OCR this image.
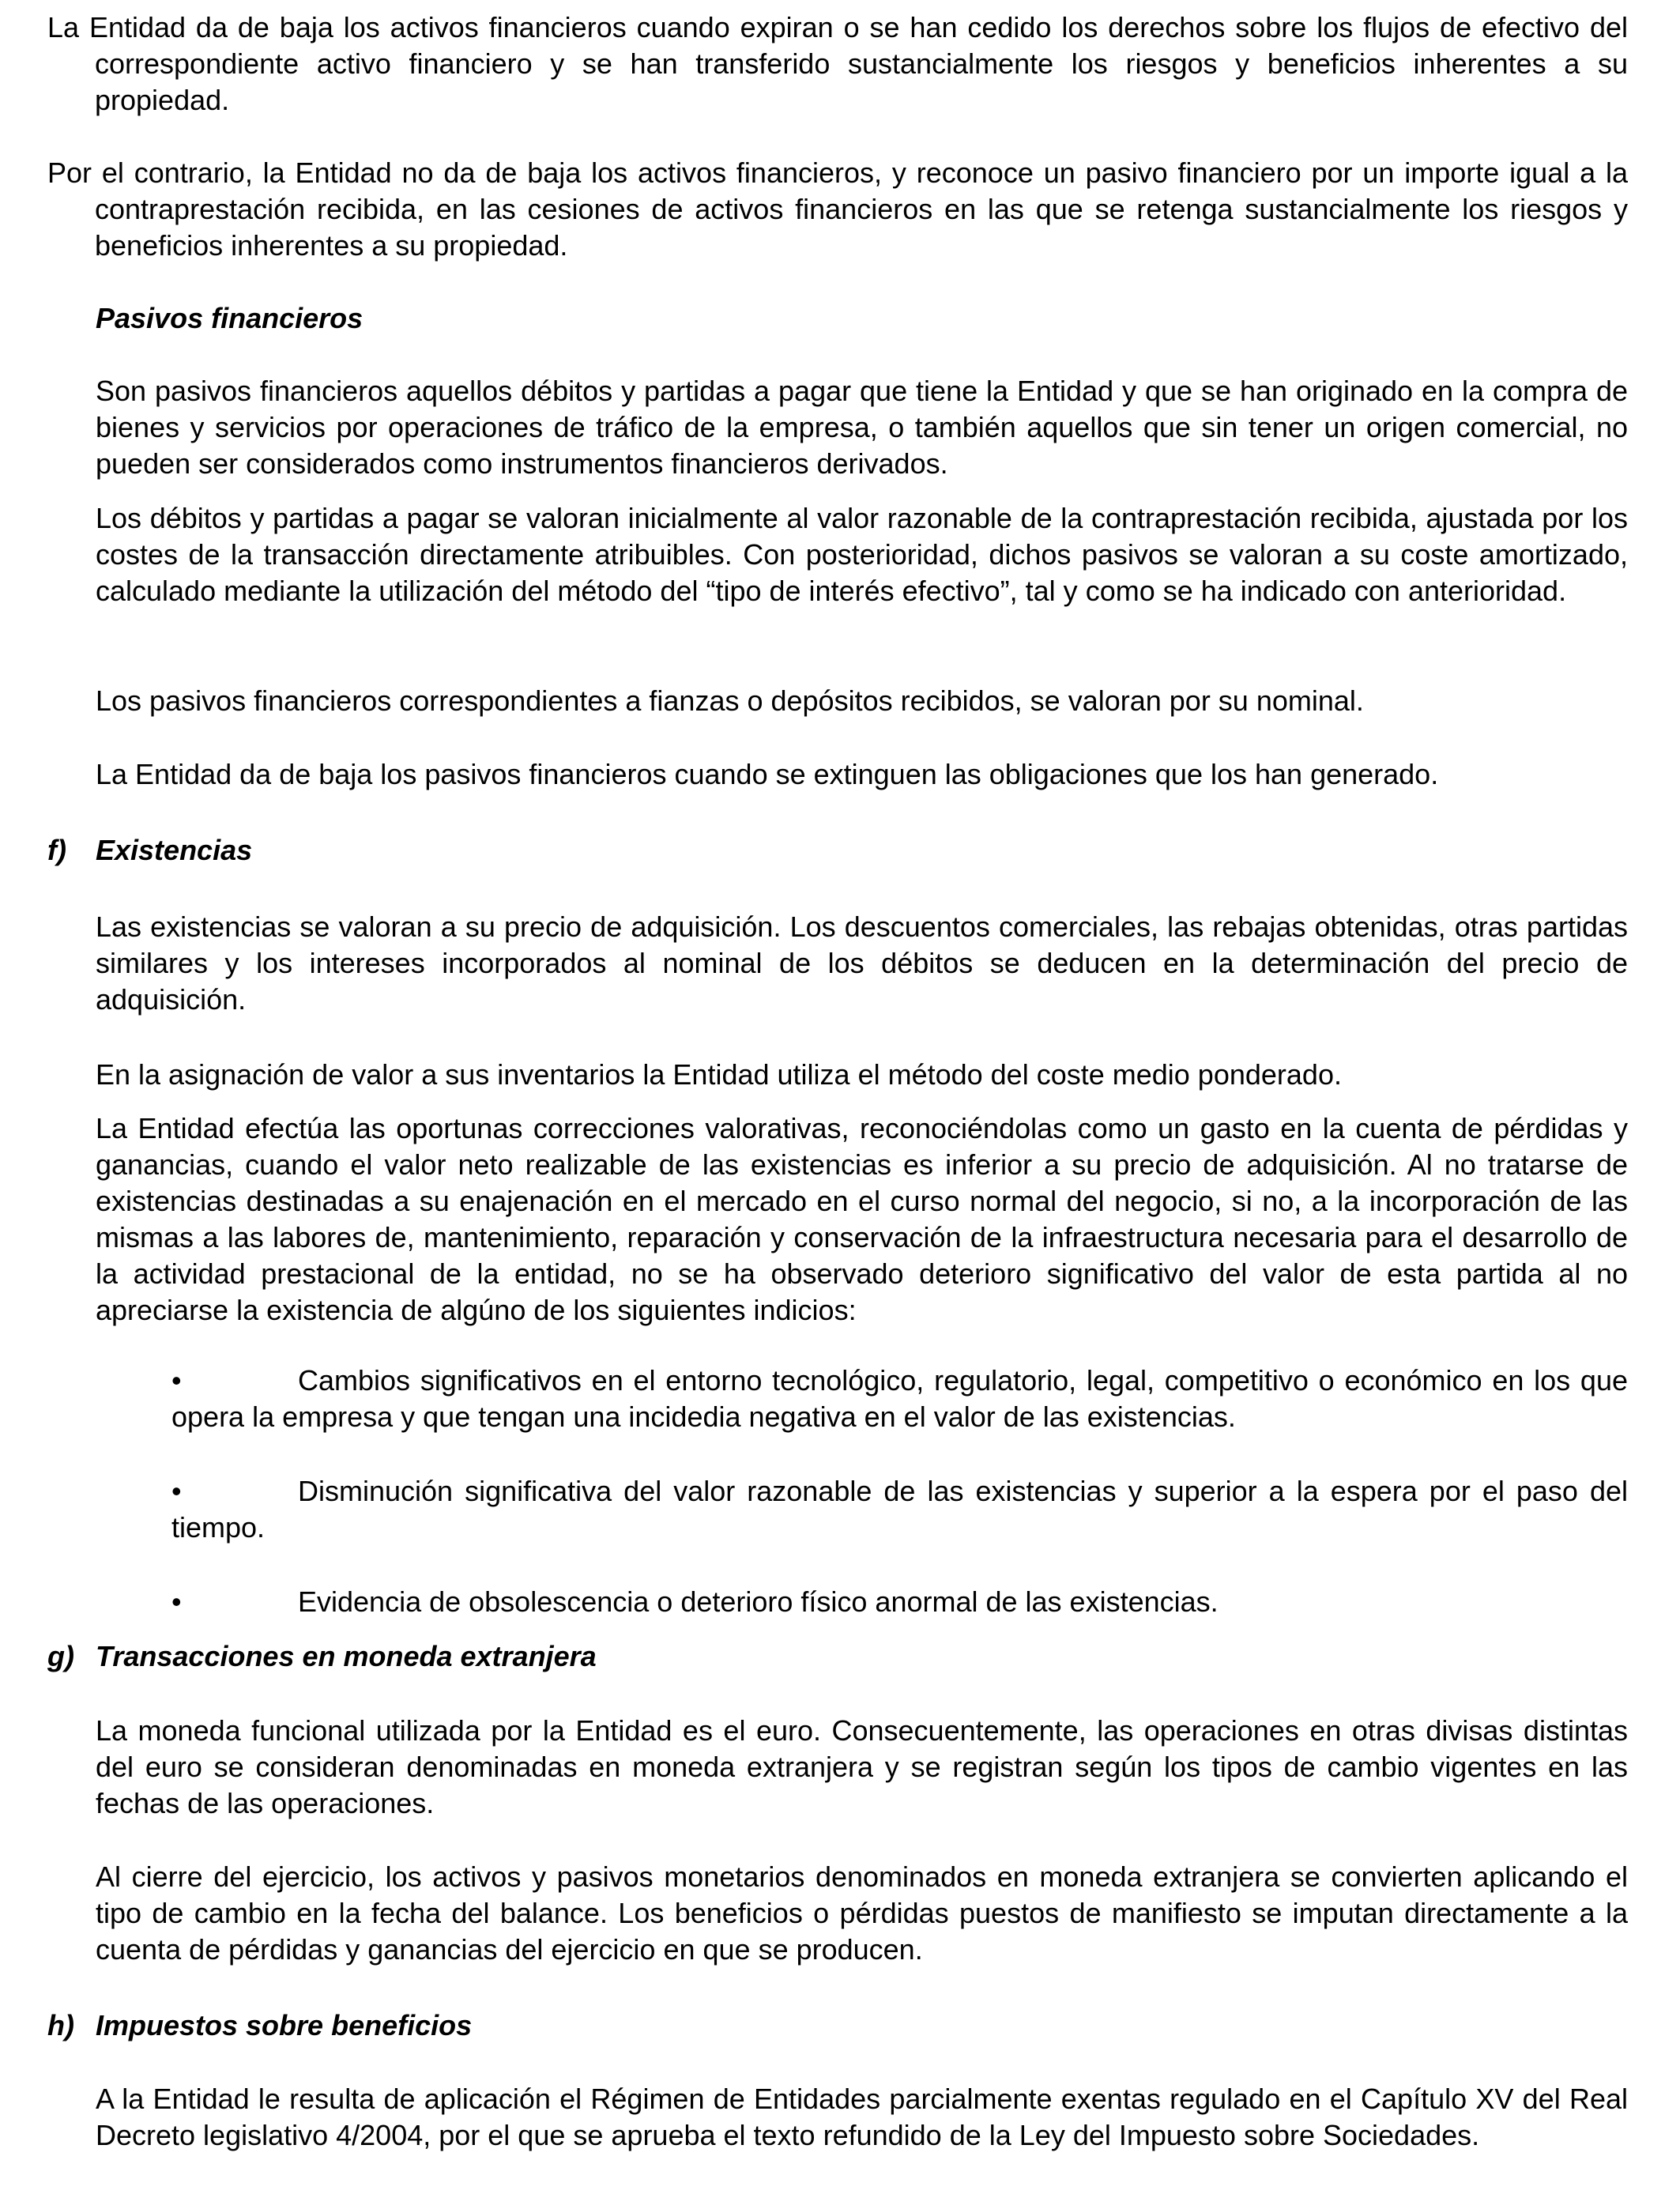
La Entidad da de baja los activos financieros cuando expiran o se han cedido los derechos sobre los flujos de efectivo del correspondiente activo financiero y se han transferido sustancialmente los riesgos y beneficios inherentes a su propiedad.

Por el contrario, la Entidad no da de baja los activos financieros, y reconoce un pasivo financiero por un importe igual a la contraprestación recibida, en las cesiones de activos financieros en las que se retenga sustancialmente los riesgos y beneficios inherentes a su propiedad.

Pasivos financieros

Son pasivos financieros aquellos débitos y partidas a pagar que tiene la Entidad y que se han originado en la compra de bienes y servicios por operaciones de tráfico de la empresa, o también aquellos que sin tener un origen comercial, no pueden ser considerados como instrumentos financieros derivados.

Los débitos y partidas a pagar se valoran inicialmente al valor razonable de la contraprestación recibida, ajustada por los costes de la transacción directamente atribuibles. Con posterioridad, dichos pasivos se valoran a su coste amortizado, calculado mediante la utilización del método del “tipo de interés efectivo”, tal y como se ha indicado con anterioridad.

Los pasivos financieros correspondientes a fianzas o depósitos recibidos, se valoran por su nominal.

La Entidad da de baja los pasivos financieros cuando se extinguen las obligaciones que los han generado.

f) Existencias

Las existencias se valoran a su precio de adquisición. Los descuentos comerciales, las rebajas obtenidas, otras partidas similares y los intereses incorporados al nominal de los débitos se deducen en la determinación del precio de adquisición.

En la asignación de valor a sus inventarios la Entidad utiliza el método del coste medio ponderado.

La Entidad efectúa las oportunas correcciones valorativas, reconociéndolas como un gasto en la cuenta de pérdidas y ganancias, cuando el valor neto realizable de las existencias es inferior a su precio de adquisición. Al no tratarse de existencias destinadas a su enajenación en el mercado en el curso normal del negocio, si no, a la incorporación de las mismas a las labores de, mantenimiento, reparación y conservación de la infraestructura necesaria para el desarrollo de la actividad prestacional de la entidad, no se ha observado deterioro significativo del valor de esta partida al no apreciarse la existencia de algúno de los siguientes indicios:

•	Cambios significativos en el entorno tecnológico, regulatorio, legal, competitivo o económico en los que opera la empresa y que tengan una incidedia negativa en el valor de las existencias.

•	Disminución significativa del valor razonable de las existencias y superior a la espera por el paso del tiempo.

•	Evidencia de obsolescencia o deterioro físico anormal de las existencias.

g) Transacciones en moneda extranjera

La moneda funcional utilizada por la Entidad es el euro. Consecuentemente, las operaciones en otras divisas distintas del euro se consideran denominadas en moneda extranjera y se registran según los tipos de cambio vigentes en las fechas de las operaciones.

Al cierre del ejercicio, los activos y pasivos monetarios denominados en moneda extranjera se convierten aplicando el tipo de cambio en la fecha del balance. Los beneficios o pérdidas puestos de manifiesto se imputan directamente a la cuenta de pérdidas y ganancias del ejercicio en que se producen.

h) Impuestos sobre beneficios

A la Entidad le resulta de aplicación el Régimen de Entidades parcialmente exentas regulado en el Capítulo XV del Real Decreto legislativo 4/2004, por el que se aprueba el texto refundido de la Ley del Impuesto sobre Sociedades.
